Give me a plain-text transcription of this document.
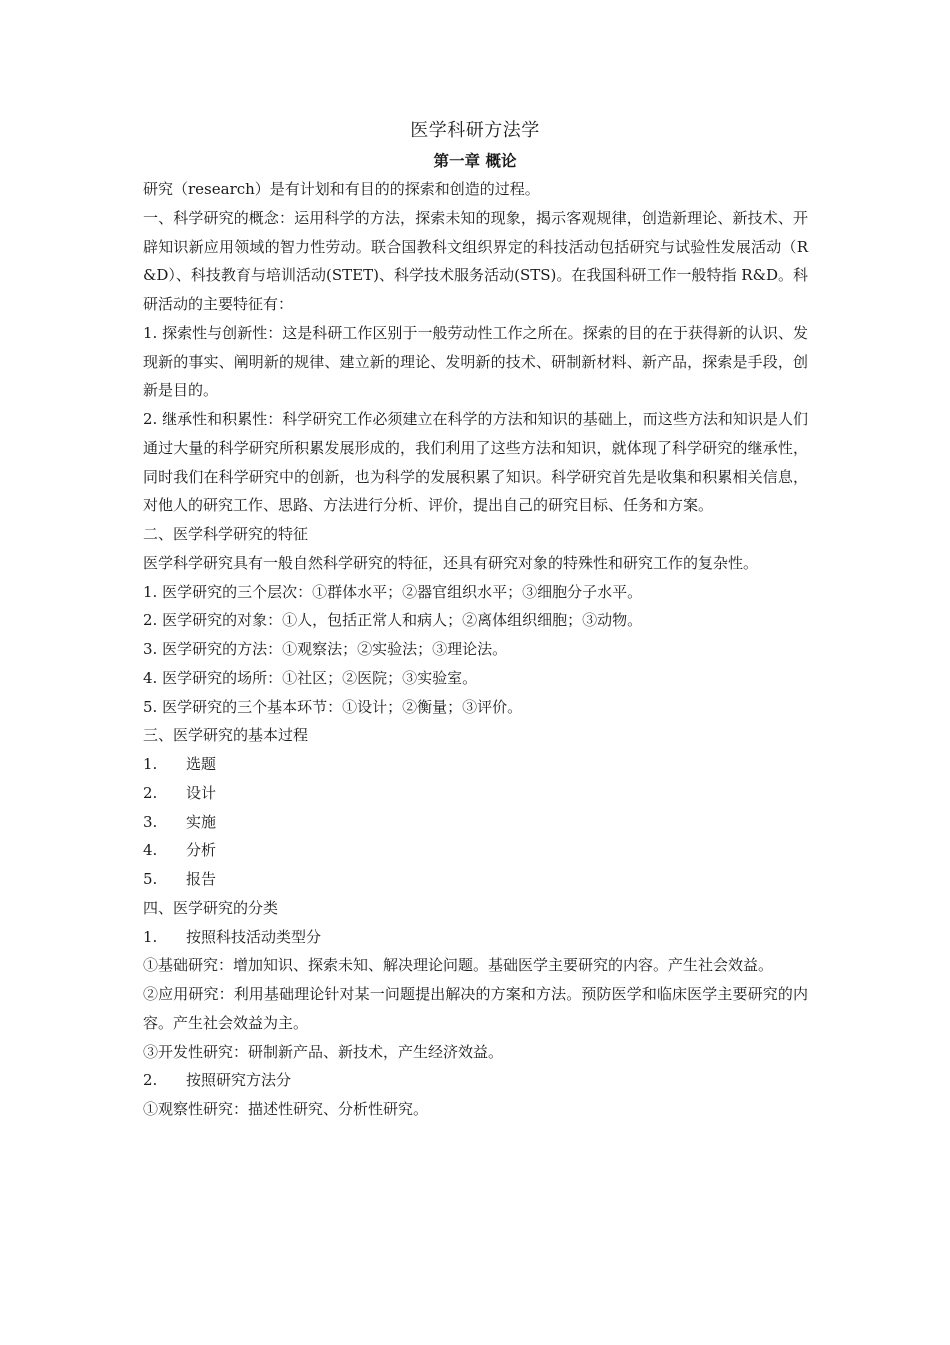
医学科研方法学
第一章 概论

研究（research）是有计划和有目的的探索和创造的过程。

一、科学研究的概念：运用科学的方法，探索未知的现象，揭示客观规律，创造新理论、新技术、开辟知识新应用领域的智力性劳动。联合国教科文组织界定的科技活动包括研究与试验性发展活动（R&D）、科技教育与培训活动(STET)、科学技术服务活动(STS)。在我国科研工作一般特指 R&D。科研活动的主要特征有：

1. 探索性与创新性：这是科研工作区别于一般劳动性工作之所在。探索的目的在于获得新的认识、发现新的事实、阐明新的规律、建立新的理论、发明新的技术、研制新材料、新产品，探索是手段，创新是目的。

2. 继承性和积累性：科学研究工作必须建立在科学的方法和知识的基础上，而这些方法和知识是人们通过大量的科学研究所积累发展形成的，我们利用了这些方法和知识，就体现了科学研究的继承性，同时我们在科学研究中的创新，也为科学的发展积累了知识。科学研究首先是收集和积累相关信息，对他人的研究工作、思路、方法进行分析、评价，提出自己的研究目标、任务和方案。

二、医学科学研究的特征

医学科学研究具有一般自然科学研究的特征，还具有研究对象的特殊性和研究工作的复杂性。

1. 医学研究的三个层次：①群体水平；②器官组织水平；③细胞分子水平。

2. 医学研究的对象：①人，包括正常人和病人；②离体组织细胞；③动物。

3. 医学研究的方法：①观察法；②实验法；③理论法。

4. 医学研究的场所：①社区；②医院；③实验室。

5. 医学研究的三个基本环节：①设计；②衡量；③评价。

三、医学研究的基本过程

1. 选题

2. 设计

3. 实施

4. 分析

5. 报告

四、医学研究的分类

1. 按照科技活动类型分

①基础研究：增加知识、探索未知、解决理论问题。基础医学主要研究的内容。产生社会效益。

②应用研究：利用基础理论针对某一问题提出解决的方案和方法。预防医学和临床医学主要研究的内容。产生社会效益为主。

③开发性研究：研制新产品、新技术，产生经济效益。

2. 按照研究方法分

①观察性研究：描述性研究、分析性研究。
